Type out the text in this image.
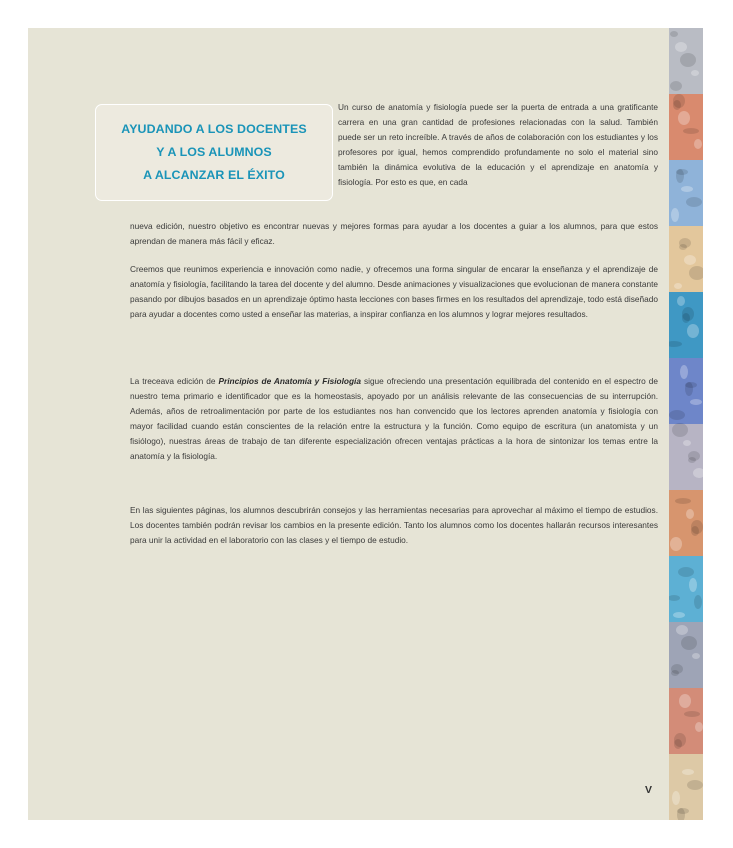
AYUDANDO A LOS DOCENTES
Y A LOS ALUMNOS
A ALCANZAR EL ÉXITO

Un curso de anatomía y fisiología puede ser la puerta de entrada a una gratificante carrera en una gran cantidad de profesiones relacionadas con la salud. También puede ser un reto increíble. A través de años de colaboración con los estudiantes y los profesores por igual, hemos comprendido profundamente no solo el material sino también la dinámica evolutiva de la educación y el aprendizaje en anatomía y fisiología. Por esto es que, en cada

nueva edición, nuestro objetivo es encontrar nuevas y mejores formas para ayudar a los docentes a guiar a los alumnos, para que estos aprendan de manera más fácil y eficaz.

Creemos que reunimos experiencia e innovación como nadie, y ofrecemos una forma singular de encarar la enseñanza y el aprendizaje de anatomía y fisiología, facilitando la tarea del docente y del alumno. Desde animaciones y visualizaciones que evolucionan de manera constante pasando por dibujos basados en un aprendizaje óptimo hasta lecciones con bases firmes en los resultados del aprendizaje, todo está diseñado para ayudar a docentes como usted a enseñar las materias, a inspirar confianza en los alumnos y lograr mejores resultados.

La treceava edición de Principios de Anatomía y Fisiología sigue ofreciendo una presentación equilibrada del contenido en el espectro de nuestro tema primario e identificador que es la homeostasis, apoyado por un análisis relevante de las consecuencias de su interrupción. Además, años de retroalimentación por parte de los estudiantes nos han convencido que los lectores aprenden anatomía y fisiología con mayor facilidad cuando están conscientes de la relación entre la estructura y la función. Como equipo de escritura (un anatomista y un fisiólogo), nuestras áreas de trabajo de tan diferente especialización ofrecen ventajas prácticas a la hora de sintonizar los temas entre la anatomía y la fisiología.

En las siguientes páginas, los alumnos descubrirán consejos y las herramientas necesarias para aprovechar al máximo el tiempo de estudios. Los docentes también podrán revisar los cambios en la presente edición. Tanto los alumnos como los docentes hallarán recursos interesantes para unir la actividad en el laboratorio con las clases y el tiempo de estudio.

V
